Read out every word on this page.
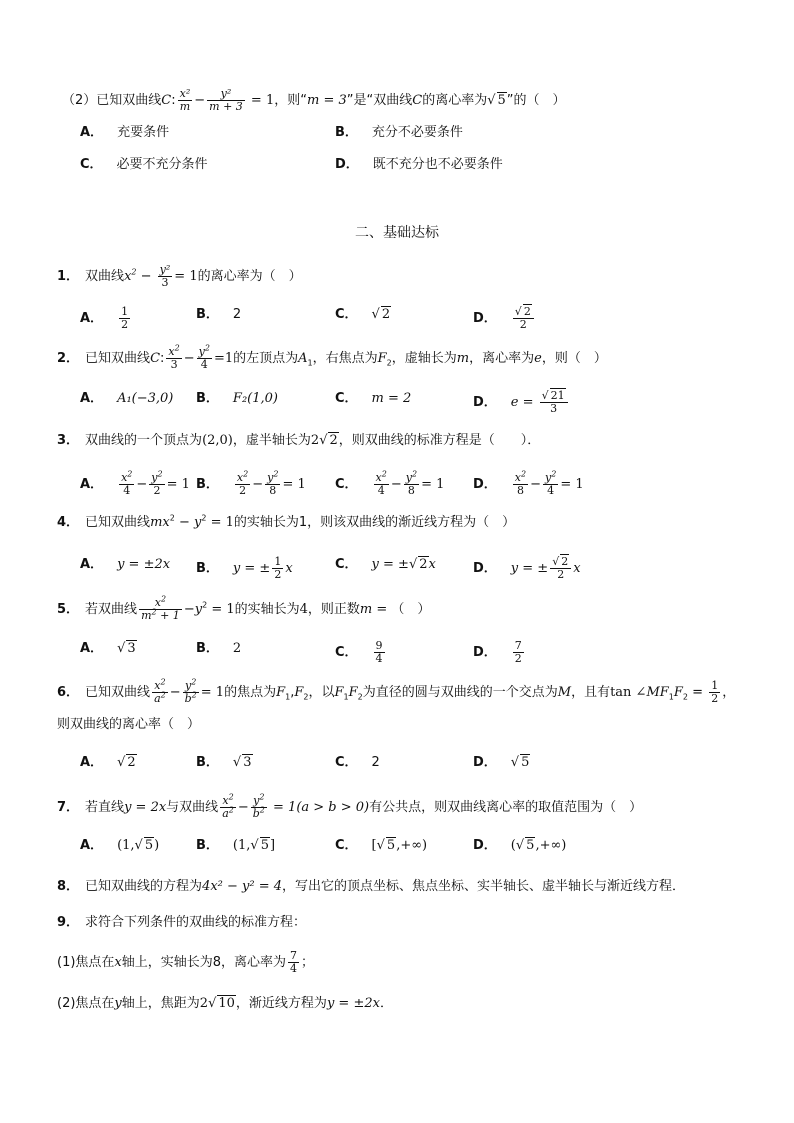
（2）已知双曲线C: $\frac{\text{x²}}{m} - \frac{\text{y²}}{m + 3} = 1$，则“m = 3”是“双曲线C的离心率为√ 5”的（　）
A． 充要条件	B． 充分不必要条件
C． 必要不充分条件	D． 既不充分也不必要条件
二、基础达标
1． 双曲线$x^2 - \frac{\text{y²}}{3} = 1$的离心率为（　）
A． $\frac{1}{2}$	B． 2	C． √ 2	D． $\frac{√ 2}{2}$
2． 已知双曲线C: $\frac{x^2}{3} - \frac{y^2}{4} =1$的左顶点为$A_1$，右焦点为$F_2$，虚轴长为m，离心率为e，则（　）
A． A₁(−3,0) B． F₂(1,0)	C． m = 2	D． $e = \frac{√ 21}{3}$
3． 双曲线的一个顶点为(2,0)，虚半轴长为2√ 2，则双曲线的标准方程是（　　）．
A． $\frac{x^2}{4} - \frac{y^2}{2} = 1$ B． $\frac{x^2}{2} - \frac{y^2}{8} = 1$ C． $\frac{x^2}{4} - \frac{y^2}{8} = 1$ D． $\frac{x^2}{8} - \frac{y^2}{4} = 1$
4． 已知双曲线$mx^2 - y^2 = 1$的实轴长为1，则该双曲线的渐近线方程为（　）
A． y = ±2x B． y = ± $\frac{1}{2}$ x	C． y = ±√ 2x	D． y = ± $\frac{√ 2}{2}$ x
5． 若双曲线 $\frac{x^2}{m^2 + 1} -y^2 = 1$的实轴长为4，则正数m = （　）
A． √ 3	B． 2	C． $\frac{9}{4}$	D． $\frac{7}{2}$
6． 已知双曲线 $\frac{x^2}{a^2} - \frac{y^2}{b^2} = 1$的焦点为$F_1,F_2$，以$F_1F_2$为直径的圆与双曲线的一个交点为M，且有$\tan \angle MF_1F_2 = \frac{1}{2}$ ，
则双曲线的离心率（　）
A． √ 2	B． √ 3	C． 2	D． √ 5
7． 若直线y = 2x与双曲线 $\frac{x^2}{a^2} - \frac{y^2}{b^2} = 1(a > b > 0)$有公共点，则双曲线离心率的取值范围为（　）
A． (1,√ 5)	B． (1,√ 5]	C． [√ 5,+∞)	D． (√ 5,+∞)
8． 已知双曲线的方程为4x² − y² = 4，写出它的顶点坐标、焦点坐标、实半轴长、虚半轴长与渐近线方程．
9． 求符合下列条件的双曲线的标准方程：
(1)焦点在x轴上，实轴长为8，离心率为 $\frac{7}{4}$ ；
(2)焦点在y轴上，焦距为2√ 10，渐近线方程为y = ±2x．
